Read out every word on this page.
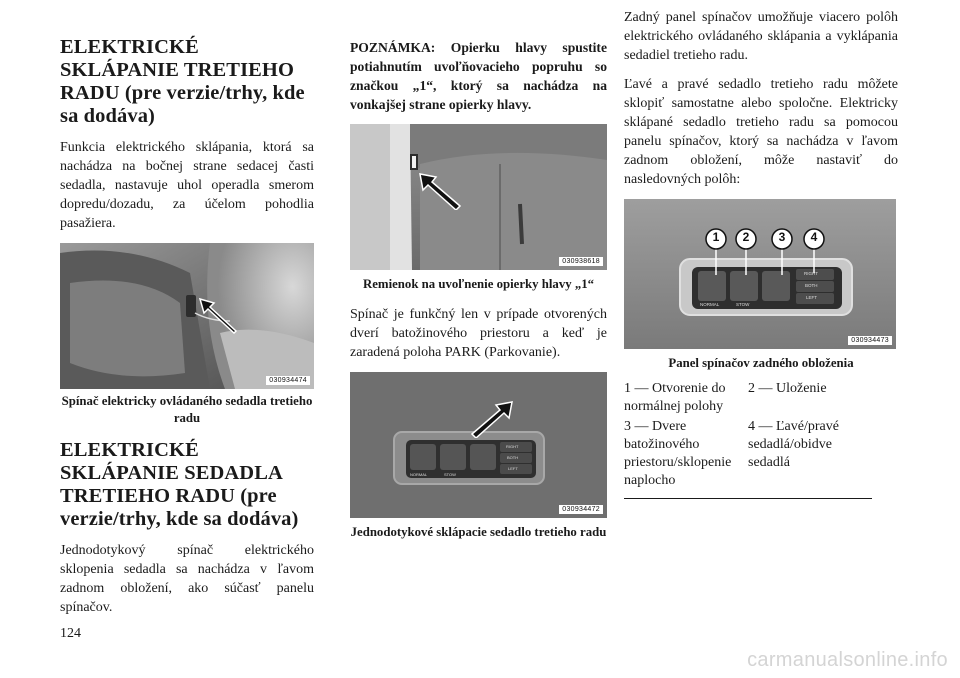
ELEKTRICKÉ SKLÁPANIE TRETIEHO RADU (pre verzie/trhy, kde sa dodáva)

Funkcia elektrického sklápania, ktorá sa nachádza na bočnej strane sedacej časti sedadla, nastavuje uhol operadla smerom dopredu/dozadu, za účelom pohodlia pasažiera.

030934474
Spínač elektricky ovládaného sedadla tretieho radu
ELEKTRICKÉ SKLÁPANIE SEDADLA TRETIEHO RADU (pre verzie/trhy, kde sa dodáva)

Jednodotykový spínač elektrického sklopenia sedadla sa nachádza v ľavom zadnom obložení, ako súčasť panelu spínačov.

POZNÁMKA: Opierku hlavy spustite potiahnutím uvoľňovacieho popruhu so značkou „1“, ktorý sa nachádza na vonkajšej strane opierky hlavy.

030938618
Remienok na uvoľnenie opierky hlavy „1“

Spínač je funkčný len v prípade otvorených dverí batožinového priestoru a keď je zaradená poloha PARK (Parkovanie).

NORMAL	STOW
RIGHT
BOTH
LEFT
030934472
Jednodotykové sklápacie sedadlo tretieho radu

Zadný panel spínačov umožňuje viacero polôh elektrického ovládaného sklápania a vyklápania sedadiel tretieho radu.

Ľavé a pravé sedadlo tretieho radu môžete sklopiť samostatne alebo spoločne. Elektricky sklápané sedadlo tretieho radu sa pomocou panelu spínačov, ktorý sa nachádza v ľavom zadnom obložení, môže nastaviť do nasledovných polôh:

1 2 3 4
NORMAL	STOW
RIGHT
BOTH
LEFT
030934473
Panel spínačov zadného obloženia
1 — Otvorenie do normálnej polohy
2 — Uloženie
3 — Dvere batožinového priestoru/sklopenie naplocho
4 — Ľavé/pravé sedadlá/obidve sedadlá
124
carmanualsonline.info
